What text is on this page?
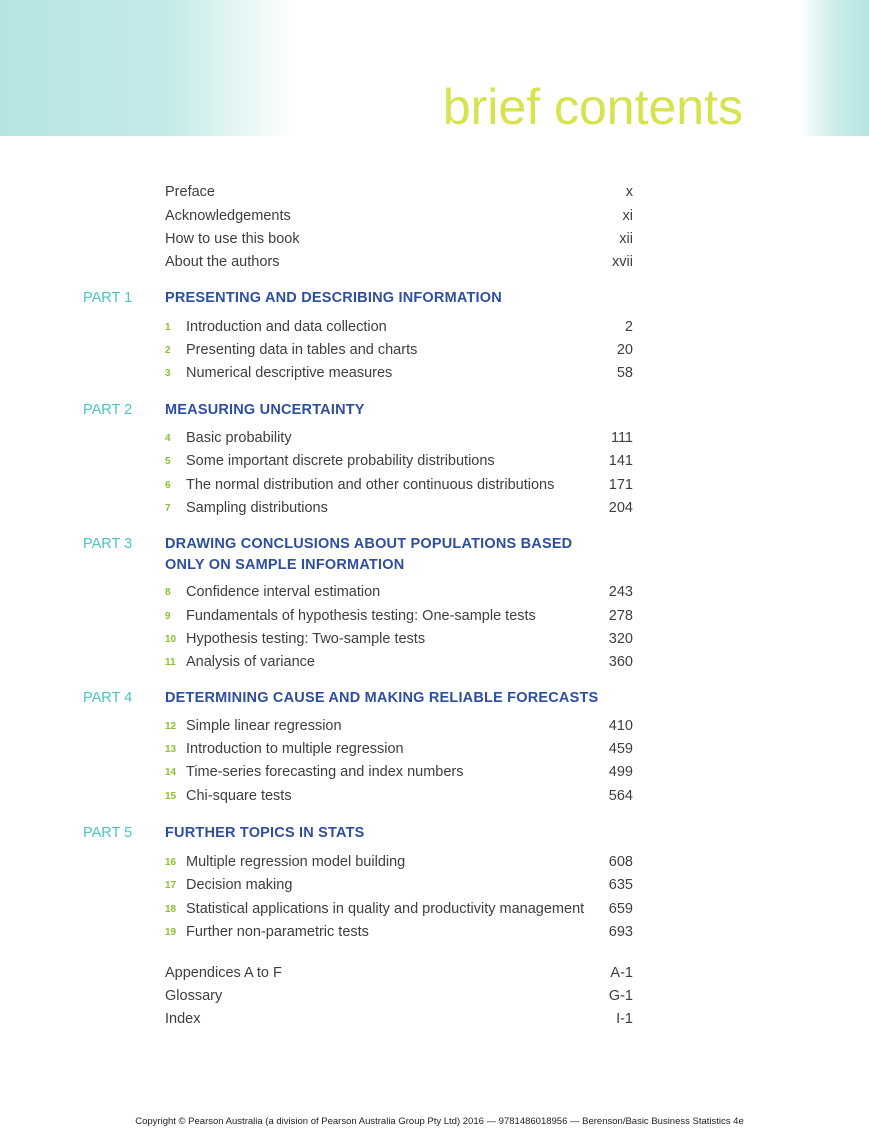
brief contents
Preface	x
Acknowledgements	xi
How to use this book	xii
About the authors	xvii
PART 1 PRESENTING AND DESCRIBING INFORMATION
1 Introduction and data collection	2
2 Presenting data in tables and charts	20
3 Numerical descriptive measures	58
PART 2 MEASURING UNCERTAINTY
4 Basic probability	111
5 Some important discrete probability distributions	141
6 The normal distribution and other continuous distributions	171
7 Sampling distributions	204
PART 3 DRAWING CONCLUSIONS ABOUT POPULATIONS BASED
ONLY ON SAMPLE INFORMATION
8 Confidence interval estimation	243
9 Fundamentals of hypothesis testing: One-sample tests	278
10 Hypothesis testing: Two-sample tests	320
11 Analysis of variance	360
PART 4 DETERMINING CAUSE AND MAKING RELIABLE FORECASTS
12 Simple linear regression	410
13 Introduction to multiple regression	459
14 Time-series forecasting and index numbers	499
15 Chi-square tests	564
PART 5 FURTHER TOPICS IN STATS
16 Multiple regression model building	608
17 Decision making	635
18 Statistical applications in quality and productivity management 659
19 Further non-parametric tests	693
Appendices A to F	A-1
Glossary	G-1
Index	I-1
Copyright © Pearson Australia (a division of Pearson Australia Group Pty Ltd) 2016 — 9781486018956 — Berenson/Basic Business Statistics 4e
